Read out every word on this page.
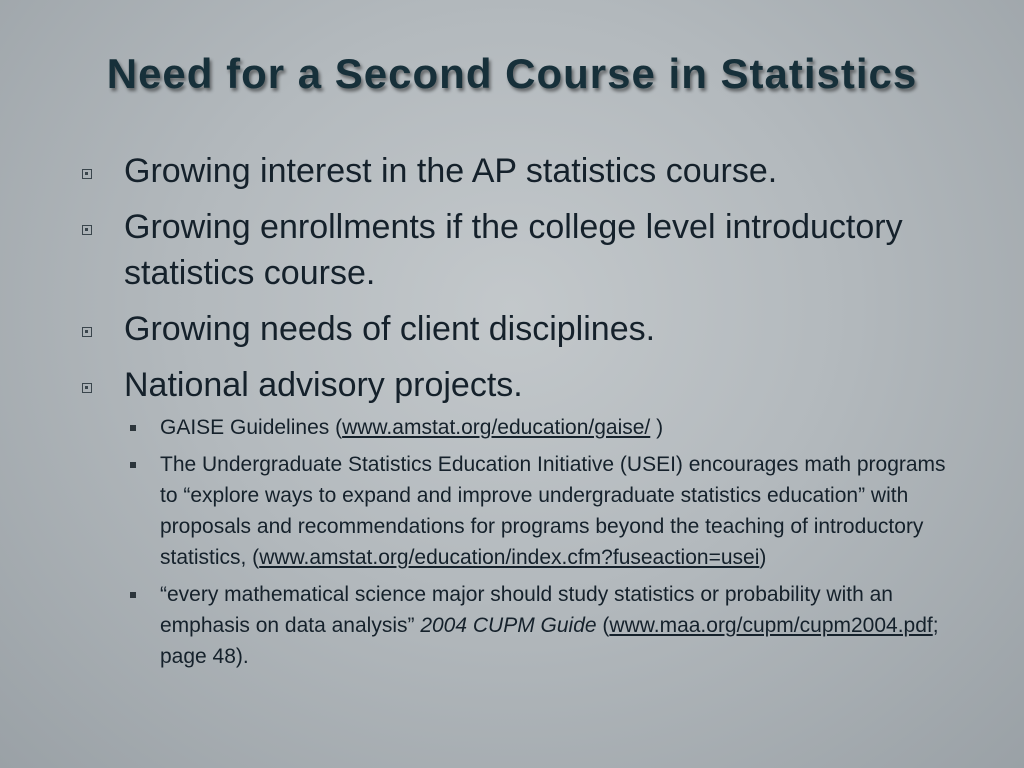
Need for a Second Course in Statistics
Growing interest in the AP statistics course.
Growing enrollments if the college level introductory statistics course.
Growing needs of client disciplines.
National advisory projects.
GAISE Guidelines (www.amstat.org/education/gaise/ )
The Undergraduate Statistics Education Initiative (USEI) encourages math programs to “explore ways to expand and improve undergraduate statistics education” with proposals and recommendations for programs beyond the teaching of introductory statistics, (www.amstat.org/education/index.cfm?fuseaction=usei)
“every mathematical science major should study statistics or probability with an emphasis on data analysis” 2004 CUPM Guide (www.maa.org/cupm/cupm2004.pdf; page 48).
